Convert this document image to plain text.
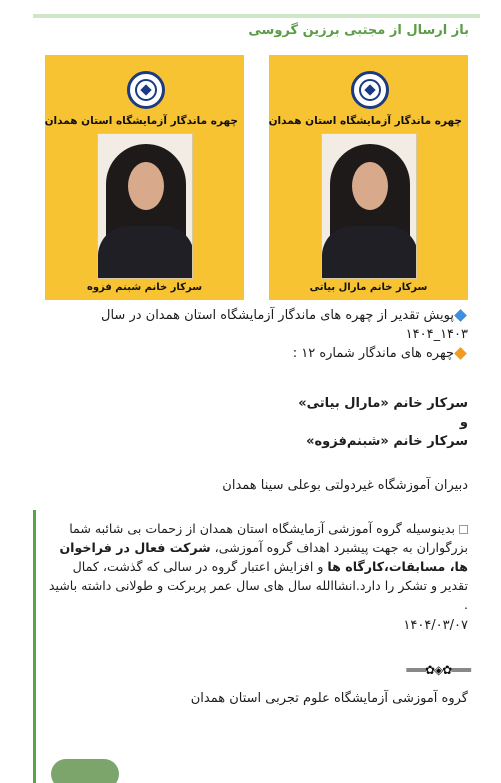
باز ارسال از مجتبی برزین گروسی
چهره ماندگار آزمایشگاه استان همدان
سرکار خانم مارال بیاتی
چهره ماندگار آزمایشگاه استان همدان
سرکار خانم شبنم فزوه
پویش تقدیر از چهره های ماندگار آزمایشگاه استان همدان در سال ۱۴۰۳_۱۴۰۴
چهره های ماندگار شماره ۱۲ :
سرکار خانم «مارال بیاتی»
و
سرکار خانم «شبنم‌فزوه»
دبیران آموزشگاه غیردولتی بوعلی سینا همدان
بدینوسیله گروه آموزشی آزمایشگاه استان همدان از زحمات بی شائبه شما بزرگواران به جهت پیشبرد اهداف گروه آموزشی، شرکت فعال در فراخوان ها، مسابقات،کارگاه ها و افزایش اعتبار گروه در سالی که گذشت، کمال تقدیر و تشکر را دارد.انشاالله سال های سال عمر پربرکت و طولانی داشته باشید .
۱۴۰۴/۰۳/۰۷
═══✿◈✿═══
گروه آموزشی آزمایشگاه علوم تجربی استان همدان
